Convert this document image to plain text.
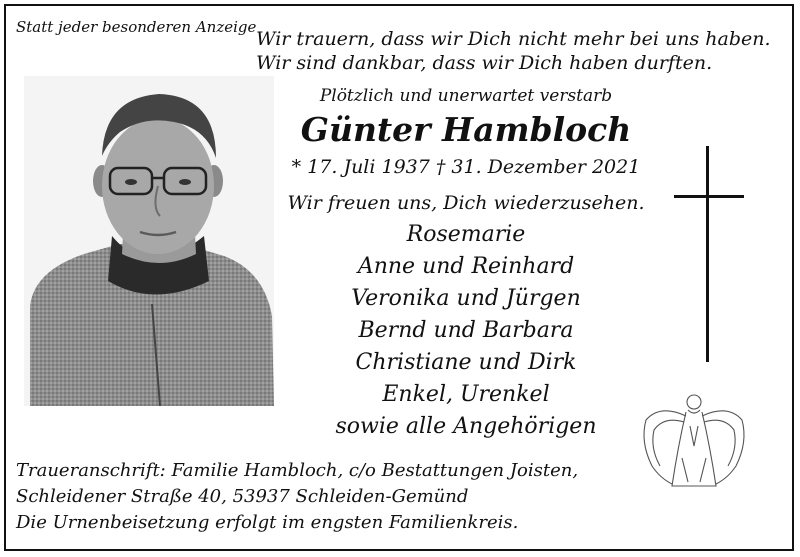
Statt jeder besonderen Anzeige
Wir trauern, dass wir Dich nicht mehr bei uns haben.
Wir sind dankbar, dass wir Dich haben durften.
Plötzlich und unerwartet verstarb
Günter Hambloch
* 17. Juli 1937 † 31. Dezember 2021
Wir freuen uns, Dich wiederzusehen.
Rosemarie
Anne und Reinhard
Veronika und Jürgen
Bernd und Barbara
Christiane und Dirk
Enkel, Urenkel
sowie alle Angehörigen
Traueranschrift: Familie Hambloch, c/o Bestattungen Joisten,
Schleidener Straße 40, 53937 Schleiden-Gemünd
Die Urnenbeisetzung erfolgt im engsten Familienkreis.
